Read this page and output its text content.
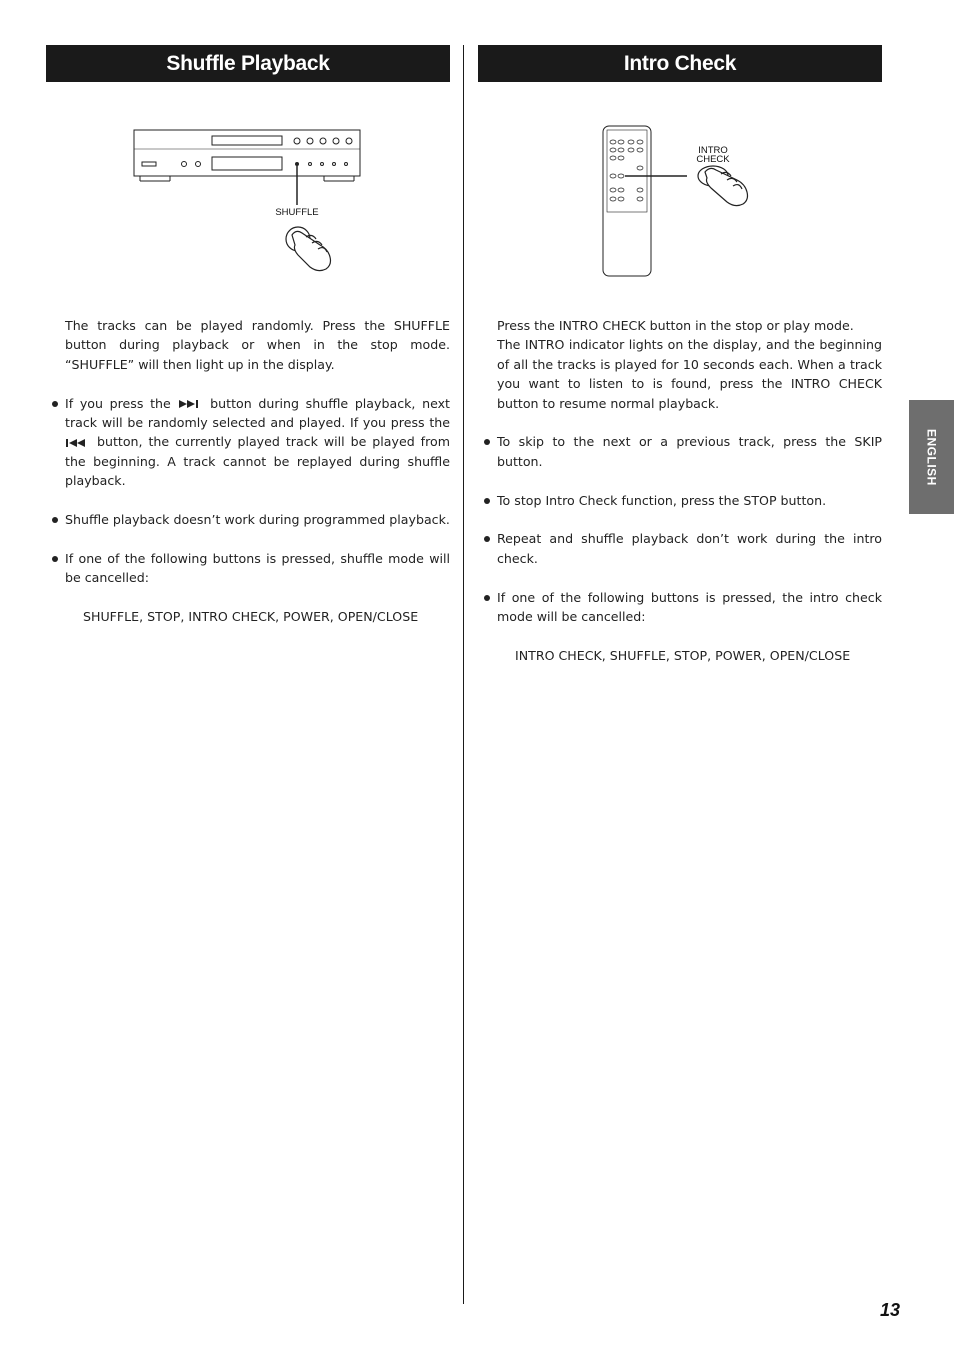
Shuffle Playback	Intro Check
SHUFFLE
INTRO
CHECK

The tracks can be played randomly. Press the SHUFFLE button during playback or when in the stop mode. “SHUFFLE” will then light up in the display.

If you press the	button during shuffle playback, next track will be randomly selected and played. If you press the  button, the currently played track will be played from the beginning. A track cannot be replayed during shuffle playback.

Shuffle playback doesn’t work during programmed playback.

If one of the following buttons is pressed, shuffle mode will be cancelled:

SHUFFLE, STOP, INTRO CHECK, POWER, OPEN/CLOSE

Press the INTRO CHECK button in the stop or play mode.

The INTRO indicator lights on the display, and the beginning of all the tracks is played for 10 seconds each. When a track you want to listen to is found, press the INTRO CHECK button to resume normal playback.

To skip to the next or a previous track, press the SKIP button.

To stop Intro Check function, press the STOP button.

Repeat and shuffle playback don’t work during the intro check.

If one of the following buttons is pressed, the intro check mode will be cancelled:

INTRO CHECK, SHUFFLE, STOP, POWER, OPEN/CLOSE

ENGLISH
13
